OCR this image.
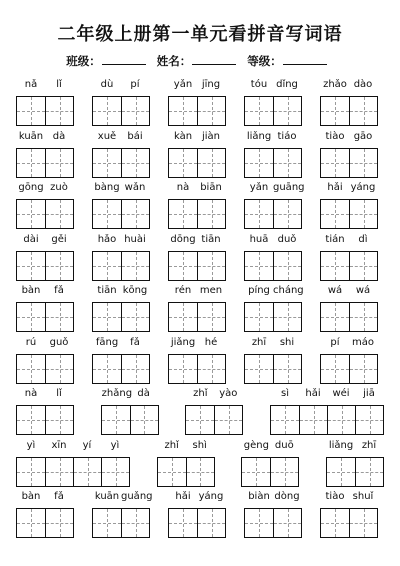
二年级上册第一单元看拼音写词语
班级：	姓名：	等级：
nǎ	lǐ	dù	pí	yǎn jīng	tóu dǐng	zhǎo dào
kuān dà	xuě	bái	kàn jiàn	liǎng tiáo	tiào gāo
gōng zuò	bàng wǎn	nà	biān	yǎn guāng	hǎi yáng
dài	gěi	hǎo huài	dōng tiān	huā duǒ	tián	dì
bàn	fǎ	tiān kōng	rén men	píng cháng	wá	wá
rú	guǒ	fāng	fǎ	jiǎng hé	zhī	shi	pí	máo
nà	lǐ	zhǎng dà	zhǐ	yào	sì	hǎi	wéi	jiā
yì	xīn	yí	yì	zhǐ	shì	gèng duō	liǎng zhī
bàn	fǎ	kuān guǎng	hǎi yáng	biàn dòng	tiào shuǐ
